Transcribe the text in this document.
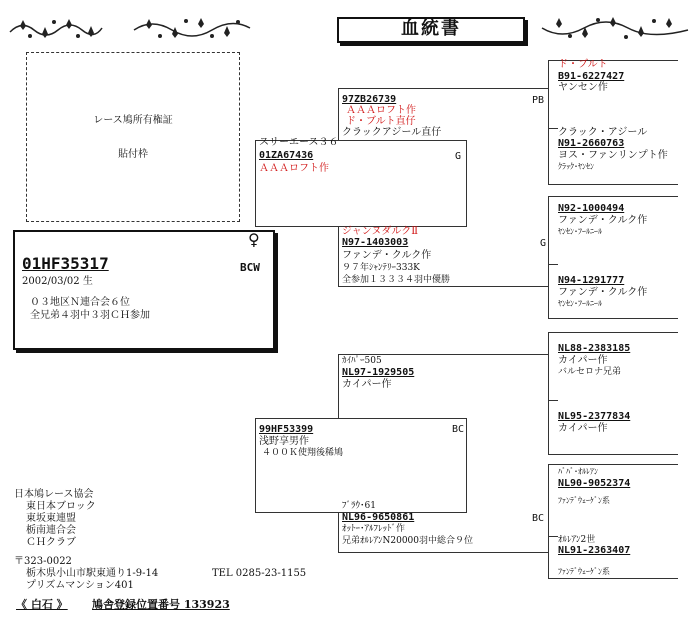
血統書
レース鳩所有権証
貼付枠
01HF35317	BCW
♀
2002/03/02 生
０３地区Ｎ連合会６位
全兄弟４羽中３羽ＣＨ参加
スリーエース３６
01ZA67436
ＡＡＡロフト作
G
97ZB26739
ＡＡＡロフト作
ド・ブルト直仔
クラックアジール直仔
PB
ジャンヌダルクⅡ
N97-1403003
ファンデ・クルク作
９７年ｼｬﾝﾃﾘｰ333K
全参加１３３３４羽中優勝
G
ｶｲﾊﾟｰ505
NL97-1929505
カイパー作
99HF53399
浅野享男作
４００Ｋ使翔後稀鳩
BC
ﾌﾞﾗｳ･61
NL96-9650861
ｵｯﾄｰ･ｱﾙﾌﾚｯﾄﾞ作
兄弟ｵﾙﾚｱﾝN20000羽中総合９位
BC
ド・ブルト
B91-6227427
ヤンセン作
クラック・アジール
N91-2660763
ヨス・ファンリンプト作
ｸﾗｯｸ･ﾔﾝｾﾝ
N92-1000494
ファンデ・クルク作
ﾔﾝｾﾝ･ﾌｰﾙﾆｰﾙ
N94-1291777
ファンデ・クルク作
ﾔﾝｾﾝ･ﾌｰﾙﾆｰﾙ
NL88-2383185
カイパー作
バルセロナ兄弟
NL95-2377834
カイパー作
ﾊﾞﾊﾞ･ｵﾙﾚｱﾝ
NL90-9052374
ﾌｧﾝﾃﾞｳｪｰｹﾞﾝ系
ｵﾙﾚｱﾝ2世
NL91-2363407
ﾌｧﾝﾃﾞｳｪｰｹﾞﾝ系
日本鳩レース協会
東日本ブロック
東坂東連盟
栃南連合会
ＣＨクラブ
〒323-0022
栃木県小山市駅東通り1-9-14	TEL 0285-23-1155
プリズムマンション401
《 白石 》 鳩舎登録位置番号 133923
